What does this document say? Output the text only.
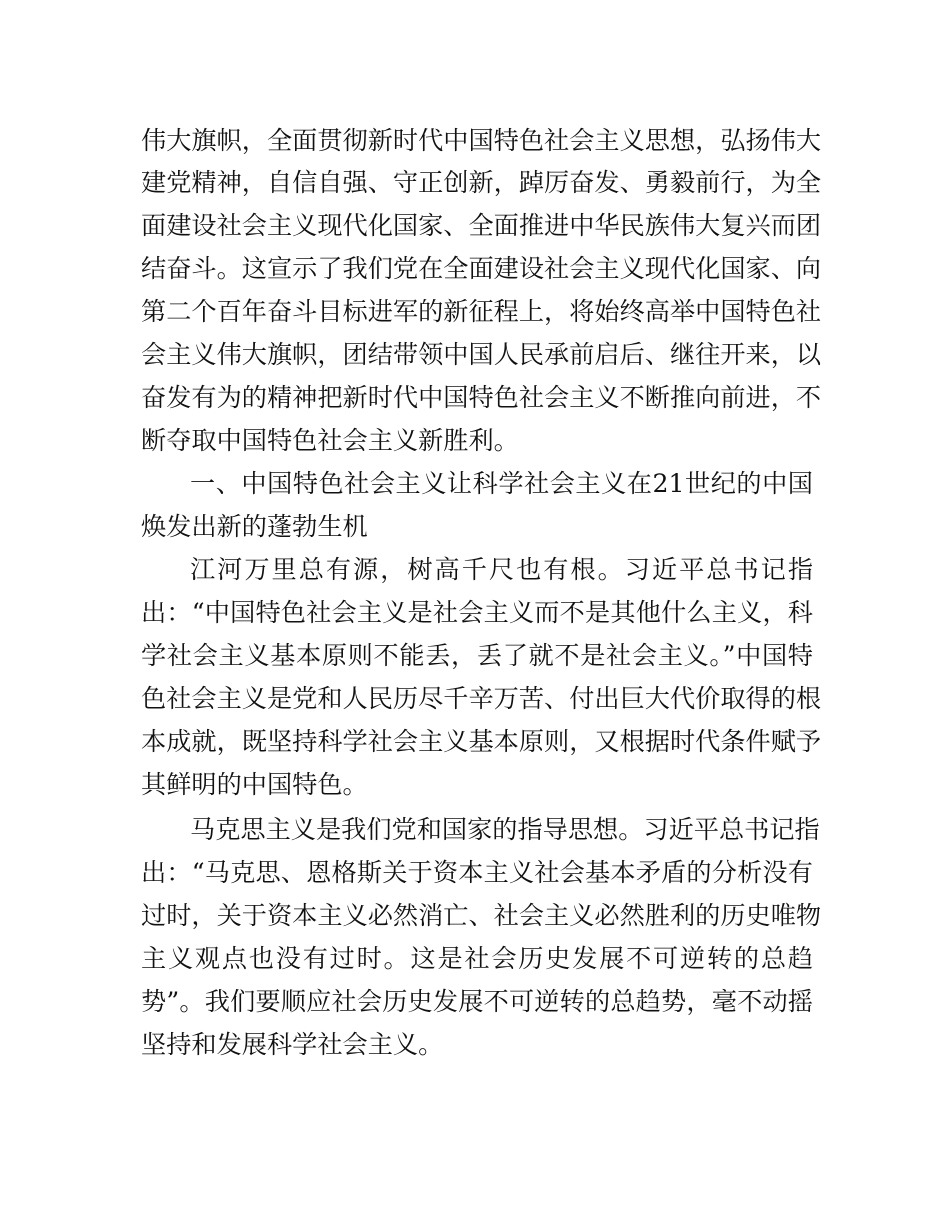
伟大旗帜，全面贯彻新时代中国特色社会主义思想，弘扬伟大
建党精神，自信自强、守正创新，踔厉奋发、勇毅前行，为全
面建设社会主义现代化国家、全面推进中华民族伟大复兴而团
结奋斗。这宣示了我们党在全面建设社会主义现代化国家、向
第二个百年奋斗目标进军的新征程上，将始终高举中国特色社
会主义伟大旗帜，团结带领中国人民承前启后、继往开来，以
奋发有为的精神把新时代中国特色社会主义不断推向前进，不
断夺取中国特色社会主义新胜利。
一、中国特色社会主义让科学社会主义在21世纪的中国
焕发出新的蓬勃生机
江河万里总有源，树高千尺也有根。习近平总书记指
出：“中国特色社会主义是社会主义而不是其他什么主义，科
学社会主义基本原则不能丢，丢了就不是社会主义。”中国特
色社会主义是党和人民历尽千辛万苦、付出巨大代价取得的根
本成就，既坚持科学社会主义基本原则，又根据时代条件赋予
其鲜明的中国特色。
马克思主义是我们党和国家的指导思想。习近平总书记指
出：“马克思、恩格斯关于资本主义社会基本矛盾的分析没有
过时，关于资本主义必然消亡、社会主义必然胜利的历史唯物
主义观点也没有过时。这是社会历史发展不可逆转的总趋
势”。我们要顺应社会历史发展不可逆转的总趋势，毫不动摇
坚持和发展科学社会主义。
